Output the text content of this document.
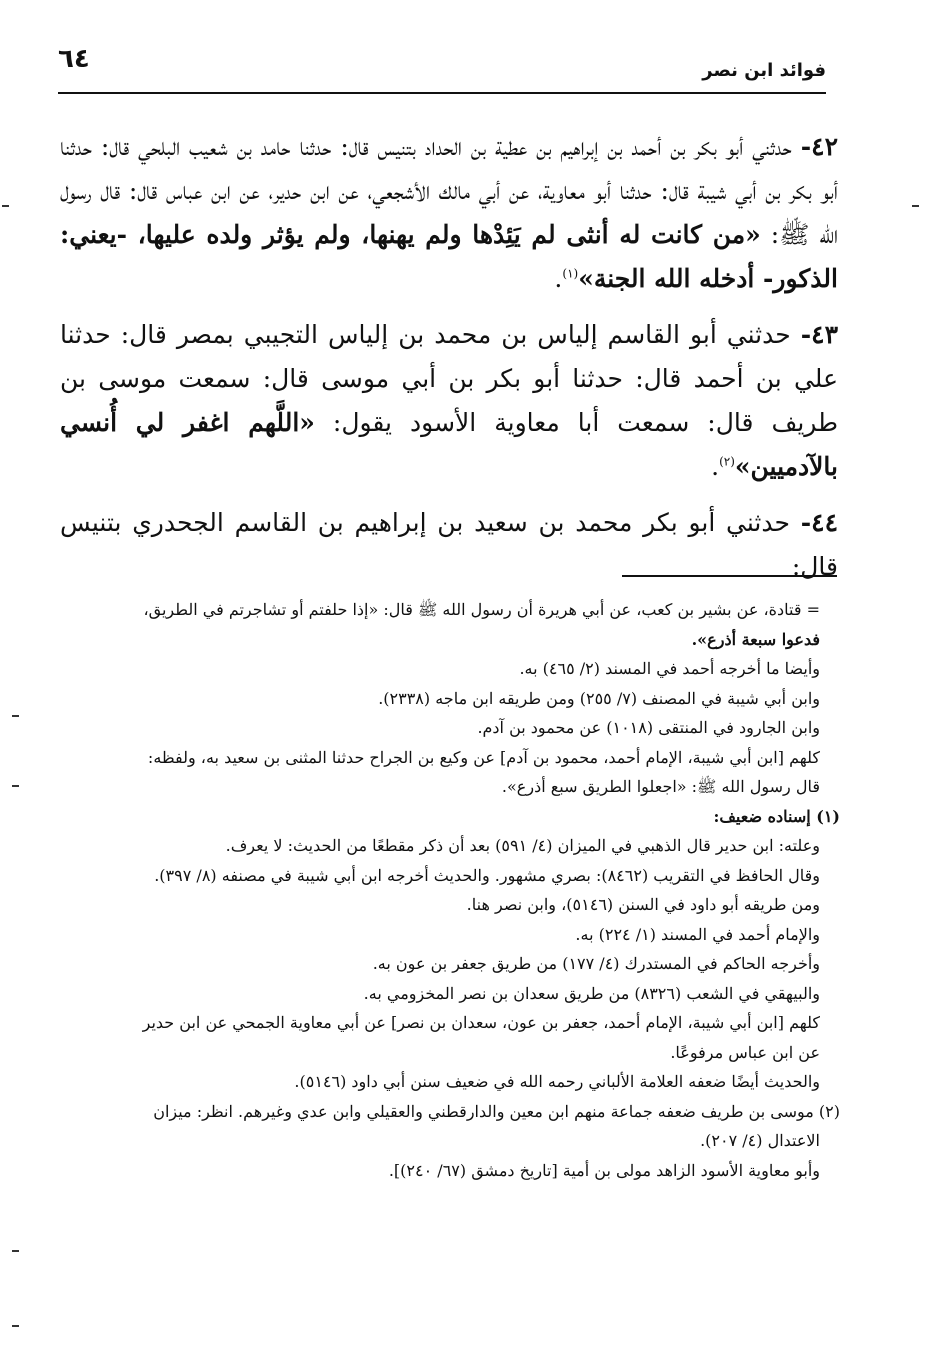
٦٤	فوائد ابن نصر

٤٢- حدثني أبو بكر بن أحمد بن إبراهيم بن عطية بن الحداد بتنيس قال: حدثنا حامد بن شعيب البلحي قال: حدثنا أبو بكر بن أبي شيبة قال: حدثنا أبو معاوية، عن أبي مالك الأشجعي، عن ابن حدير، عن ابن عباس قال: قال رسول الله ﷺ: «من كانت له أنثى لم يَئِدْها ولم يهنها، ولم يؤثر ولده عليها، -يعني: الذكور- أدخله الله الجنة»$^{(١)}$.

٤٣- حدثني أبو القاسم إلياس بن محمد بن إلياس التجيبي بمصر قال: حدثنا علي بن أحمد قال: حدثنا أبو بكر بن أبي موسى قال: سمعت موسى بن طريف قال: سمعت أبا معاوية الأسود يقول: «اللَّهم اغفر لي أُنسي بالآدميين»$^{(٢)}$.

٤٤- حدثني أبو بكر محمد بن سعيد بن إبراهيم بن القاسم الجحدري بتنيس قال:

= قتادة، عن بشير بن كعب، عن أبي هريرة أن رسول الله ﷺ قال: «إذا حلفتم أو تشاجرتم في الطريق،
فدعوا سبعة أذرع».
وأيضا ما أخرجه أحمد في المسند (٢/ ٤٦٥) به.
وابن أبي شيبة في المصنف (٧/ ٢٥٥) ومن طريقه ابن ماجه (٢٣٣٨).
وابن الجارود في المنتقى (١٠١٨) عن محمود بن آدم.
كلهم [ابن أبي شيبة، الإمام أحمد، محمود بن آدم] عن وكيع بن الجراح حدثنا المثنى بن سعيد به، ولفظه:
قال رسول الله ﷺ: «اجعلوا الطريق سبع أذرع».
(١) إسناده ضعيف:
وعلته: ابن حدير قال الذهبي في الميزان (٤/ ٥٩١) بعد أن ذكر مقطعًا من الحديث: لا يعرف.
وقال الحافظ في التقريب (٨٤٦٢): بصري مشهور. والحديث أخرجه ابن أبي شيبة في مصنفه (٨/ ٣٩٧).
ومن طريقه أبو داود في السنن (٥١٤٦)، وابن نصر هنا.
والإمام أحمد في المسند (١/ ٢٢٤) به.
وأخرجه الحاكم في المستدرك (٤/ ١٧٧) من طريق جعفر بن عون به.
والبيهقي في الشعب (٨٣٢٦) من طريق سعدان بن نصر المخزومي به.
كلهم [ابن أبي شيبة، الإمام أحمد، جعفر بن عون، سعدان بن نصر] عن أبي معاوية الجمحي عن ابن حدير
عن ابن عباس مرفوعًا.
والحديث أيضًا ضعفه العلامة الألباني رحمه الله في ضعيف سنن أبي داود (٥١٤٦).
(٢) موسى بن طريف ضعفه جماعة منهم ابن معين والدارقطني والعقيلي وابن عدي وغيرهم. انظر: ميزان
الاعتدال (٤/ ٢٠٧).
وأبو معاوية الأسود الزاهد مولى بن أمية [تاريخ دمشق (٦٧/ ٢٤٠)].
